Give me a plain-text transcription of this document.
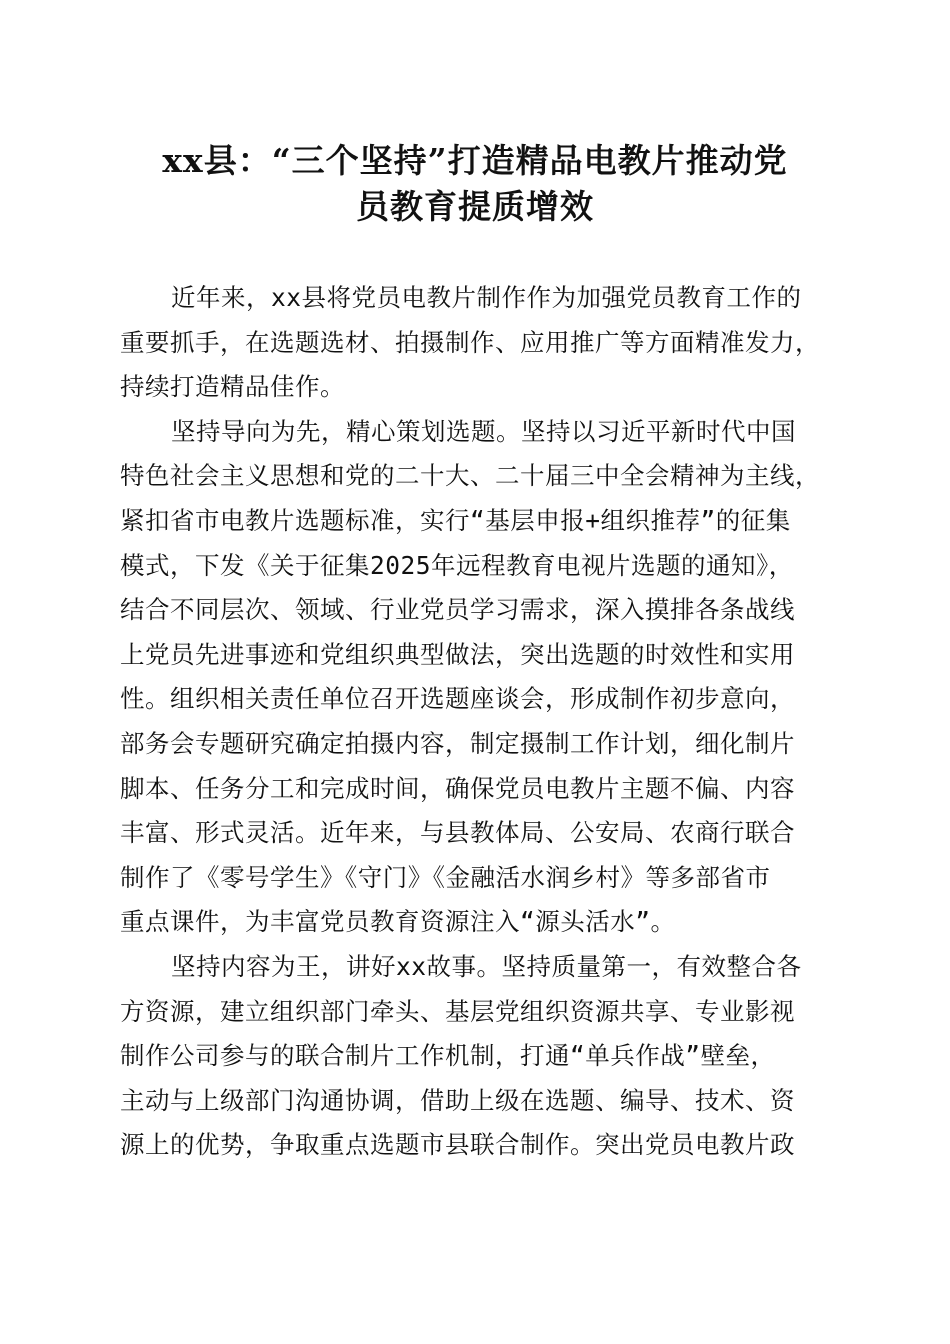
xx县：“三个坚持”打造精品电教片推动党
员教育提质增效

近年来，xx县将党员电教片制作作为加强党员教育工作的
重要抓手，在选题选材、拍摄制作、应用推广等方面精准发力，
持续打造精品佳作。

坚持导向为先，精心策划选题。坚持以习近平新时代中国
特色社会主义思想和党的二十大、二十届三中全会精神为主线，
紧扣省市电教片选题标准，实行“基层申报+组织推荐”的征集
模式，下发《关于征集2025年远程教育电视片选题的通知》，
结合不同层次、领域、行业党员学习需求，深入摸排各条战线
上党员先进事迹和党组织典型做法，突出选题的时效性和实用
性。组织相关责任单位召开选题座谈会，形成制作初步意向，
部务会专题研究确定拍摄内容，制定摄制工作计划，细化制片
脚本、任务分工和完成时间，确保党员电教片主题不偏、内容
丰富、形式灵活。近年来，与县教体局、公安局、农商行联合
制作了《零号学生》《守门》《金融活水润乡村》等多部省市
重点课件，为丰富党员教育资源注入“源头活水”。

坚持内容为王，讲好xx故事。坚持质量第一，有效整合各
方资源，建立组织部门牵头、基层党组织资源共享、专业影视
制作公司参与的联合制片工作机制，打通“单兵作战”壁垒，
主动与上级部门沟通协调，借助上级在选题、编导、技术、资
源上的优势，争取重点选题市县联合制作。突出党员电教片政
